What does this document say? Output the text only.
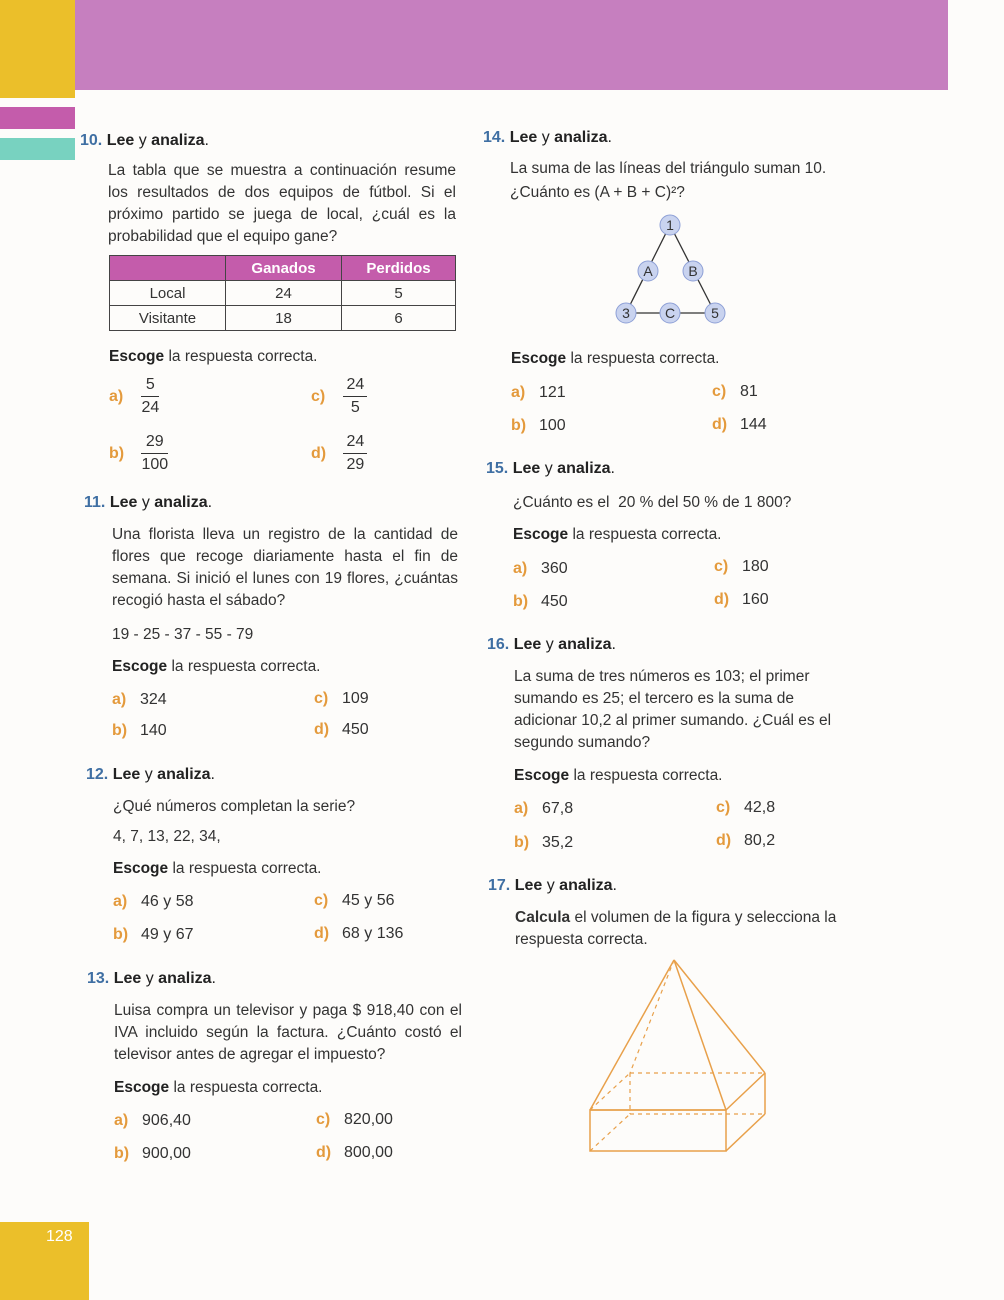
128
10. Lee y analiza.
La tabla que se muestra a continuación resume los resultados de dos equipos de fútbol. Si el próximo partido se juega de local, ¿cuál es la probabilidad que el equipo gane?
	Ganados	Perdidos
Local	24	5
Visitante	18	6
Escoge la respuesta correcta.
$a) \frac{5}{24}$
$b) \frac{29}{100}$
$c) \frac{24}{5}$
$d) \frac{24}{29}$
11. Lee y analiza.
Una florista lleva un registro de la cantidad de flores que recoge diariamente hasta el fin de semana. Si inició el lunes con 19 flores, ¿cuántas recogió hasta el sábado?
19 - 25 - 37 - 55 - 79
Escoge la respuesta correcta.
a) 324
b) 140
c) 109
d) 450
12. Lee y analiza.
¿Qué números completan la serie?
4, 7, 13, 22, 34,
Escoge la respuesta correcta.
a) 46 y 58
b) 49 y 67
c) 45 y 56
d) 68 y 136
13. Lee y analiza.
Luisa compra un televisor y paga $ 918,40 con el IVA incluido según la factura. ¿Cuánto costó el televisor antes de agregar el impuesto?
Escoge la respuesta correcta.
a) 906,40
b) 900,00
c) 820,00
d) 800,00
14. Lee y analiza.
La suma de las líneas del triángulo suman 10.
¿Cuánto es (A + B + C)²?
1
A	B
3	C	5
Escoge la respuesta correcta.
a) 121
b) 100
c) 81
d) 144
15. Lee y analiza.
¿Cuánto es el  20 % del 50 % de 1 800?
Escoge la respuesta correcta.
a) 360
b) 450
c) 180
d) 160
16. Lee y analiza.
La suma de tres números es 103; el primer sumando es 25; el tercero es la suma de adicionar 10,2 al primer sumando. ¿Cuál es el segundo sumando?
Escoge la respuesta correcta.
a) 67,8
b) 35,2
c) 42,8
d) 80,2
17. Lee y analiza.
Calcula el volumen de la figura y selecciona la respuesta correcta.
